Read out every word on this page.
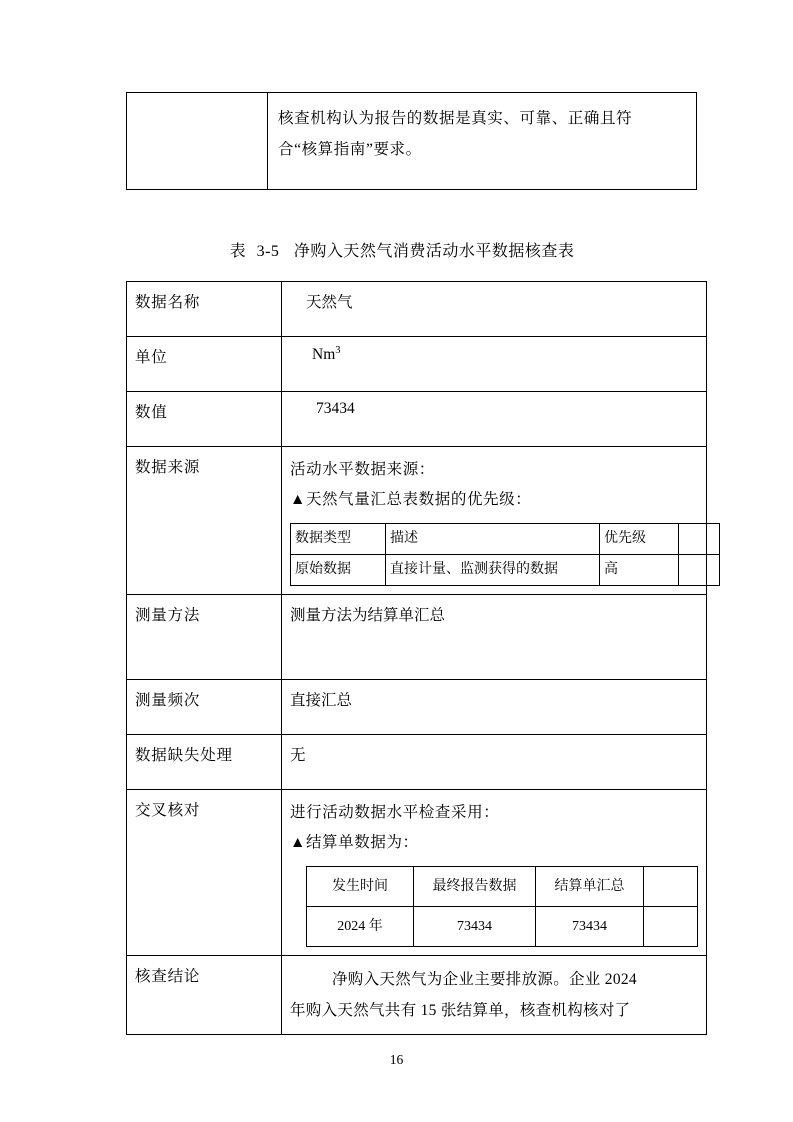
核查机构认为报告的数据是真实、可靠、正确且符
合“核算指南”要求。
表 3-5 净购入天然气消费活动水平数据核查表
数据名称	天然气
单位	Nm$^3$
数值	73434
数据来源	活动水平数据来源：
▲天然气量汇总表数据的优先级：
数据类型	描述	优先级	
原始数据	直接计量、监测获得的数据	高	

测量方法	测量方法为结算单汇总
测量频次	直接汇总
数据缺失处理	无
交叉核对	进行活动数据水平检查采用：
▲结算单数据为：
发生时间	最终报告数据	结算单汇总	
2024 年	73434	73434	

核查结论	净购入天然气为企业主要排放源。企业 2024
年购入天然气共有 15 张结算单，核查机构核对了
16
